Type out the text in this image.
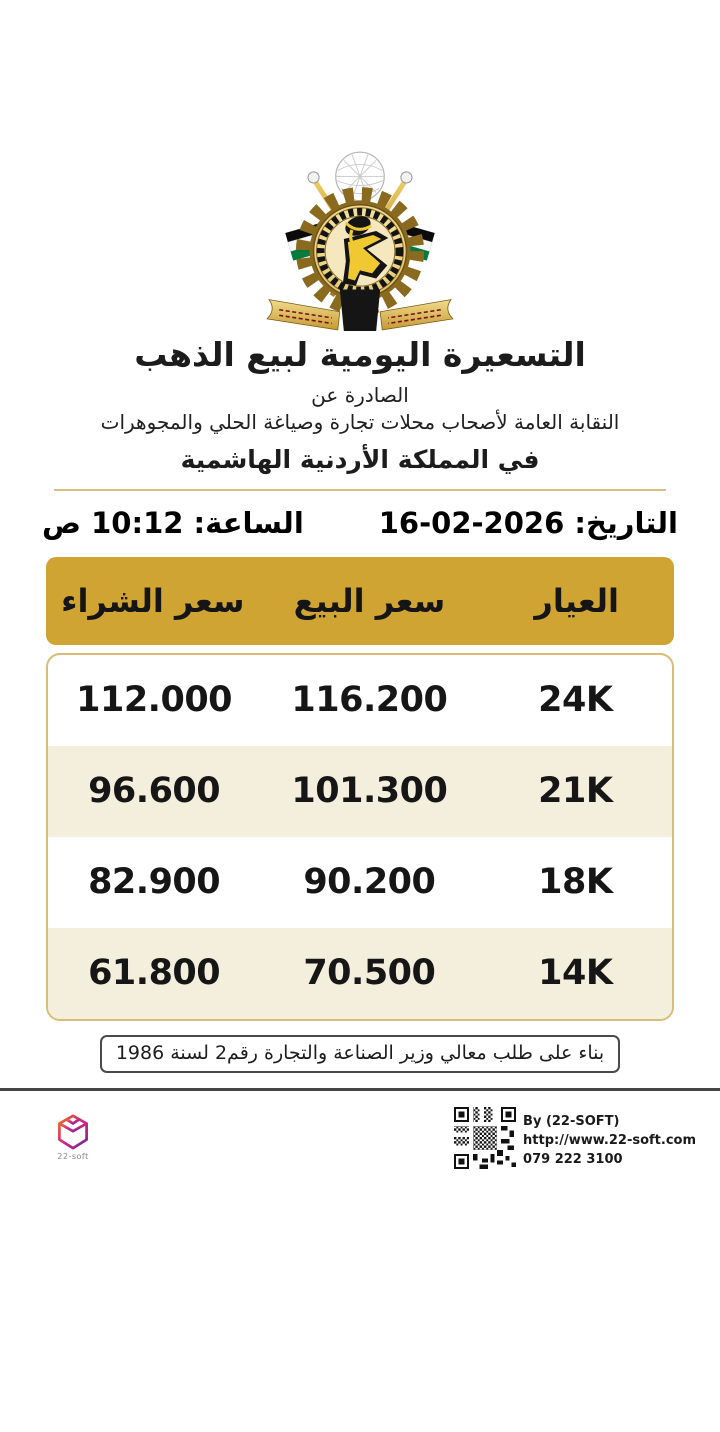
التسعيرة اليومية لبيع الذهب
الصادرة عن
النقابة العامة لأصحاب محلات تجارة وصياغة الحلي والمجوهرات
في المملكة الأردنية الهاشمية
التاريخ: 16-02-2026
الساعة: 10:12 ص
العيار
سعر البيع
سعر الشراء
24K
116.200
112.000
21K
101.300
96.600
18K
90.200
82.900
14K
70.500
61.800
بناء على طلب معالي وزير الصناعة والتجارة رقم2 لسنة 1986
22-soft
By (22-SOFT)
http://www.22-soft.com
079 222 3100
